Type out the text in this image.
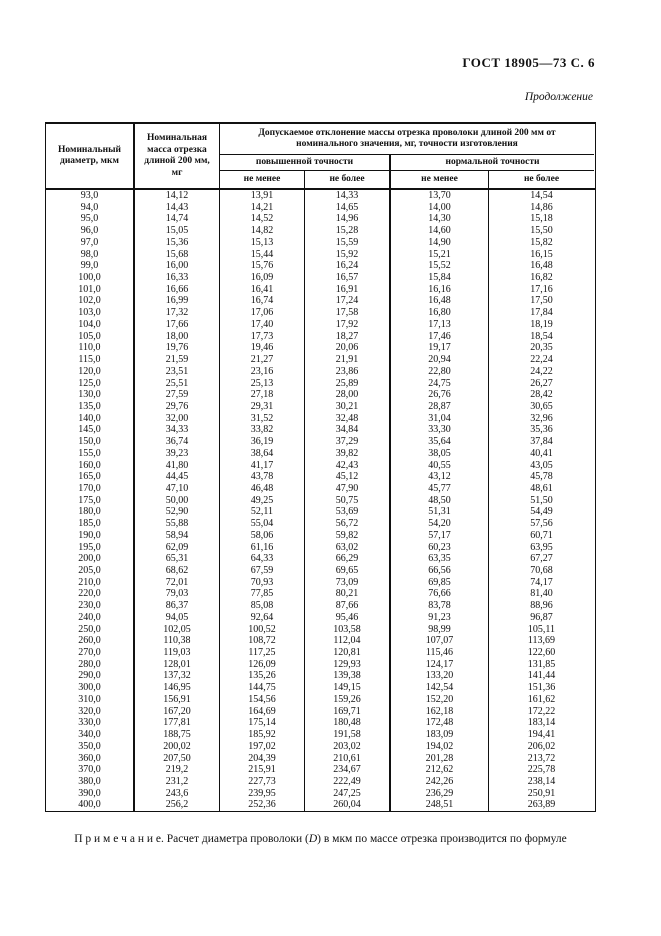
ГОСТ 18905—73 С. 6
Продолжение
Номинальный диаметр, мкм
Номинальная масса отрезка длиной 200 мм, мг
Допускаемое отклонение массы отрезка проволоки длиной 200 мм от номинального значения, мг, точности изготовления
повышенной точности	нормальной точности
не менее	не более	не менее	не более
93,0	14,12	13,91	14,33	13,70	14,54
94,0	14,43	14,21	14,65	14,00	14,86
95,0	14,74	14,52	14,96	14,30	15,18
96,0	15,05	14,82	15,28	14,60	15,50
97,0	15,36	15,13	15,59	14,90	15,82
98,0	15,68	15,44	15,92	15,21	16,15
99,0	16,00	15,76	16,24	15,52	16,48
100,0	16,33	16,09	16,57	15,84	16,82
101,0	16,66	16,41	16,91	16,16	17,16
102,0	16,99	16,74	17,24	16,48	17,50
103,0	17,32	17,06	17,58	16,80	17,84
104,0	17,66	17,40	17,92	17,13	18,19
105,0	18,00	17,73	18,27	17,46	18,54
110,0	19,76	19,46	20,06	19,17	20,35
115,0	21,59	21,27	21,91	20,94	22,24
120,0	23,51	23,16	23,86	22,80	24,22
125,0	25,51	25,13	25,89	24,75	26,27
130,0	27,59	27,18	28,00	26,76	28,42
135,0	29,76	29,31	30,21	28,87	30,65
140,0	32,00	31,52	32,48	31,04	32,96
145,0	34,33	33,82	34,84	33,30	35,36
150,0	36,74	36,19	37,29	35,64	37,84
155,0	39,23	38,64	39,82	38,05	40,41
160,0	41,80	41,17	42,43	40,55	43,05
165,0	44,45	43,78	45,12	43,12	45,78
170,0	47,10	46,48	47,90	45,77	48,61
175,0	50,00	49,25	50,75	48,50	51,50
180,0	52,90	52,11	53,69	51,31	54,49
185,0	55,88	55,04	56,72	54,20	57,56
190,0	58,94	58,06	59,82	57,17	60,71
195,0	62,09	61,16	63,02	60,23	63,95
200,0	65,31	64,33	66,29	63,35	67,27
205,0	68,62	67,59	69,65	66,56	70,68
210,0	72,01	70,93	73,09	69,85	74,17
220,0	79,03	77,85	80,21	76,66	81,40
230,0	86,37	85,08	87,66	83,78	88,96
240,0	94,05	92,64	95,46	91,23	96,87
250,0	102,05	100,52	103,58	98,99	105,11
260,0	110,38	108,72	112,04	107,07	113,69
270,0	119,03	117,25	120,81	115,46	122,60
280,0	128,01	126,09	129,93	124,17	131,85
290,0	137,32	135,26	139,38	133,20	141,44
300,0	146,95	144,75	149,15	142,54	151,36
310,0	156,91	154,56	159,26	152,20	161,62
320,0	167,20	164,69	169,71	162,18	172,22
330,0	177,81	175,14	180,48	172,48	183,14
340,0	188,75	185,92	191,58	183,09	194,41
350,0	200,02	197,02	203,02	194,02	206,02
360,0	207,50	204,39	210,61	201,28	213,72
370,0	219,2	215,91	234,67	212,62	225,78
380,0	231,2	227,73	222,49	242,26	238,14
390,0	243,6	239,95	247,25	236,29	250,91
400,0	256,2	252,36	260,04	248,51	263,89
П р и м е ч а н и е. Расчет диаметра проволоки (D) в мкм по массе отрезка производится по формуле
